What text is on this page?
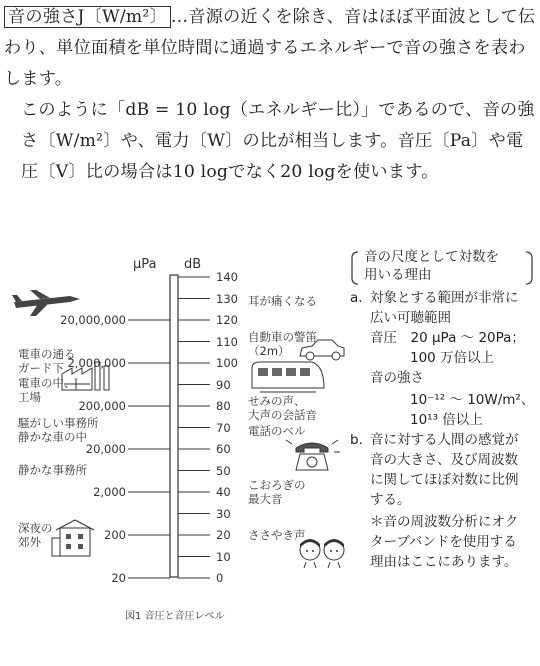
音の強さJ〔W/m²〕 …音源の近くを除き、音はほぼ平面波として伝わり、単位面積を単位時間に通過するエネルギーで音の強さを表わします。

このように「dB = 10 log（エネルギー比）」であるので、音の強さ〔W/m²〕や、電力〔W〕の比が相当します。音圧〔Pa〕や電圧〔V〕比の場合は10 logでなく20 logを使います。

μPa dB
140
130
120
110
100
90
80
70
60
50
40
30
20
10
0
20,000,000
2,000,000
200,000
20,000
2,000
200
20
電車の通る
ガード下
電車の中、
工場
騒がしい事務所
静かな車の中
静かな事務所
深夜の
郊外
耳が痛くなる
自動車の警笛
（2m）
せみの声、
大声の会話音
電話のベル
こおろぎの
最大音
ささやき声
図1 音圧と音圧レベル
音の尺度として対数を
用いる理由
a. 対象とする範囲が非常に
広い可聴範囲
音圧　20 μPa ～ 20Pa；
100 万倍以上
音の強さ
10⁻¹² ～ 10W/m²、
10¹³ 倍以上
b. 音に対する人間の感覚が
音の大きさ、及び周波数
に関してほぼ対数に比例
する。
＊音の周波数分析にオク
ターブバンドを使用する
理由はここにあります。
